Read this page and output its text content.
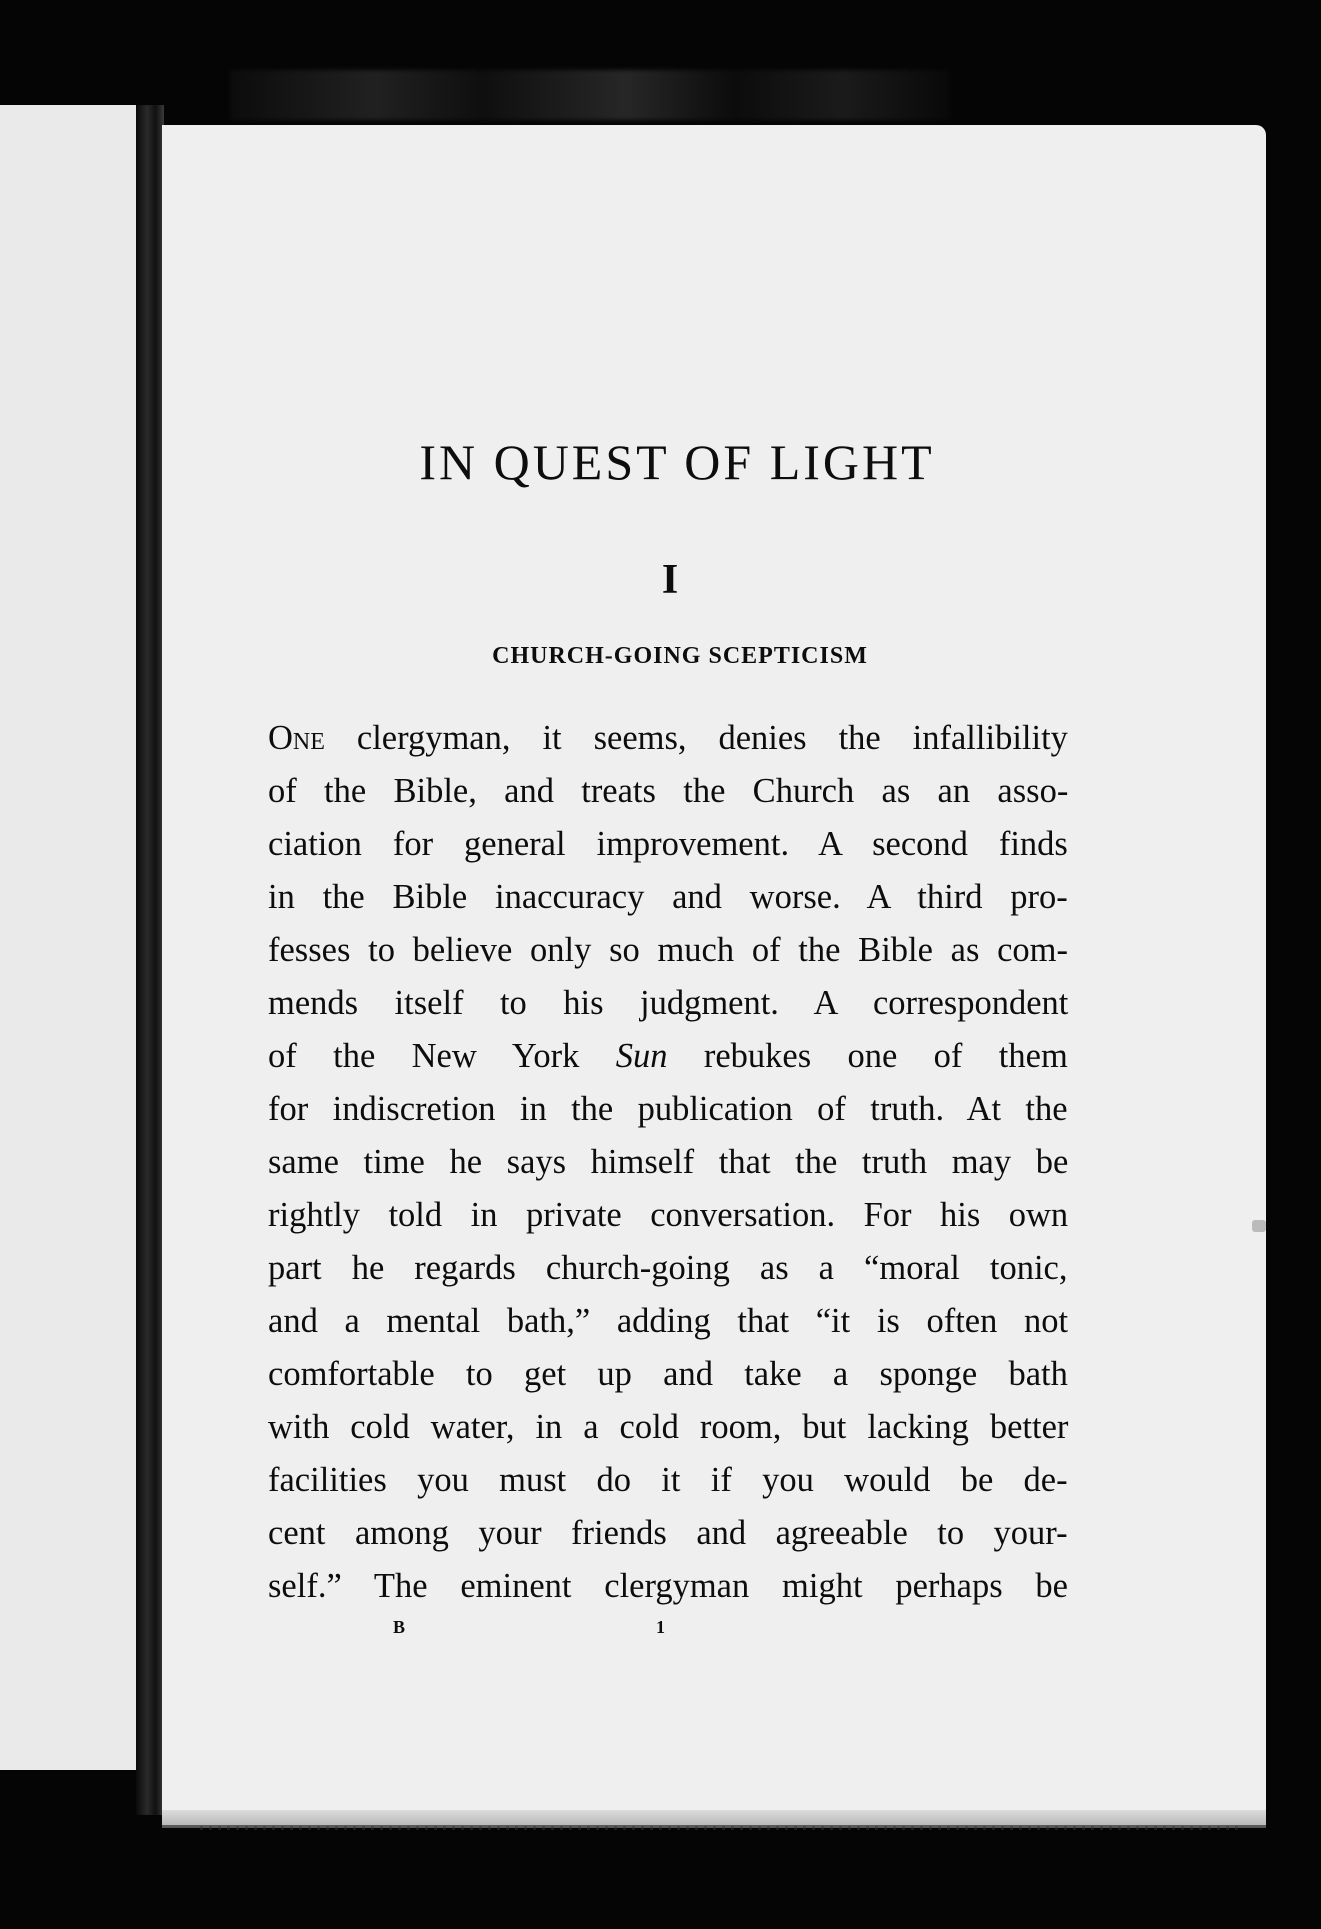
IN QUEST OF LIGHT
I
CHURCH-GOING SCEPTICISM
One clergyman, it seems, denies the infallibility
of the Bible, and treats the Church as an asso-
ciation for general improvement. A second finds
in the Bible inaccuracy and worse. A third pro-
fesses to believe only so much of the Bible as com-
mends itself to his judgment. A correspondent
of the New York Sun rebukes one of them
for indiscretion in the publication of truth. At the
same time he says himself that the truth may be
rightly told in private conversation. For his own
part he regards church-going as a “moral tonic,
and a mental bath,” adding that “it is often not
comfortable to get up and take a sponge bath
with cold water, in a cold room, but lacking better
facilities you must do it if you would be de-
cent among your friends and agreeable to your-
self.” The eminent clergyman might perhaps be
B	1
